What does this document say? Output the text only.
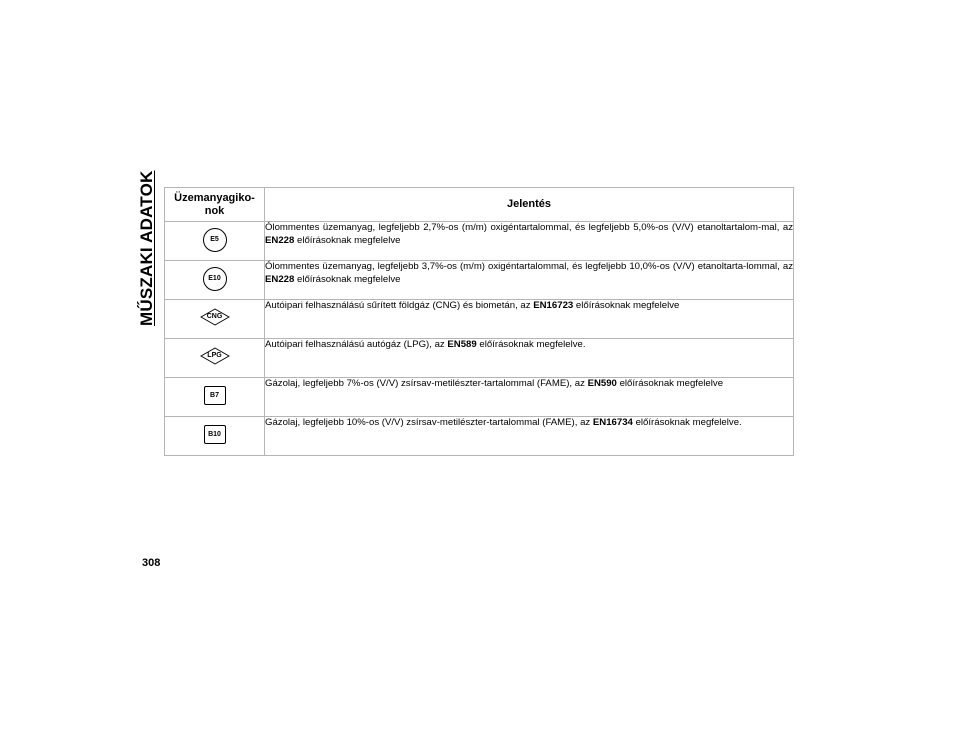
MŰSZAKI ADATOK Üzemanyagiko-
nok	Jelentés
E5	Ólommentes üzemanyag, legfeljebb 2,7%-os (m/m) oxigéntartalommal, és legfeljebb 5,0%-os (V/V) etanoltartalom-mal, az EN228 előírásoknak megfelelve
E10	Ólommentes üzemanyag, legfeljebb 3,7%-os (m/m) oxigéntartalommal, és legfeljebb 10,0%-os (V/V) etanoltarta-lommal, az EN228 előírásoknak megfelelve

CNG	Autóipari felhasználású sűrített földgáz (CNG) és biometán, az EN16723 előírásoknak megfelelve

LPG	Autóipari felhasználású autógáz (LPG), az EN589 előírásoknak megfelelve.
B7	Gázolaj, legfeljebb 7%-os (V/V) zsírsav-metilészter-tartalommal (FAME), az EN590 előírásoknak megfelelve
B10	Gázolaj, legfeljebb 10%-os (V/V) zsírsav-metilészter-tartalommal (FAME), az EN16734 előírásoknak megfelelve.
308
